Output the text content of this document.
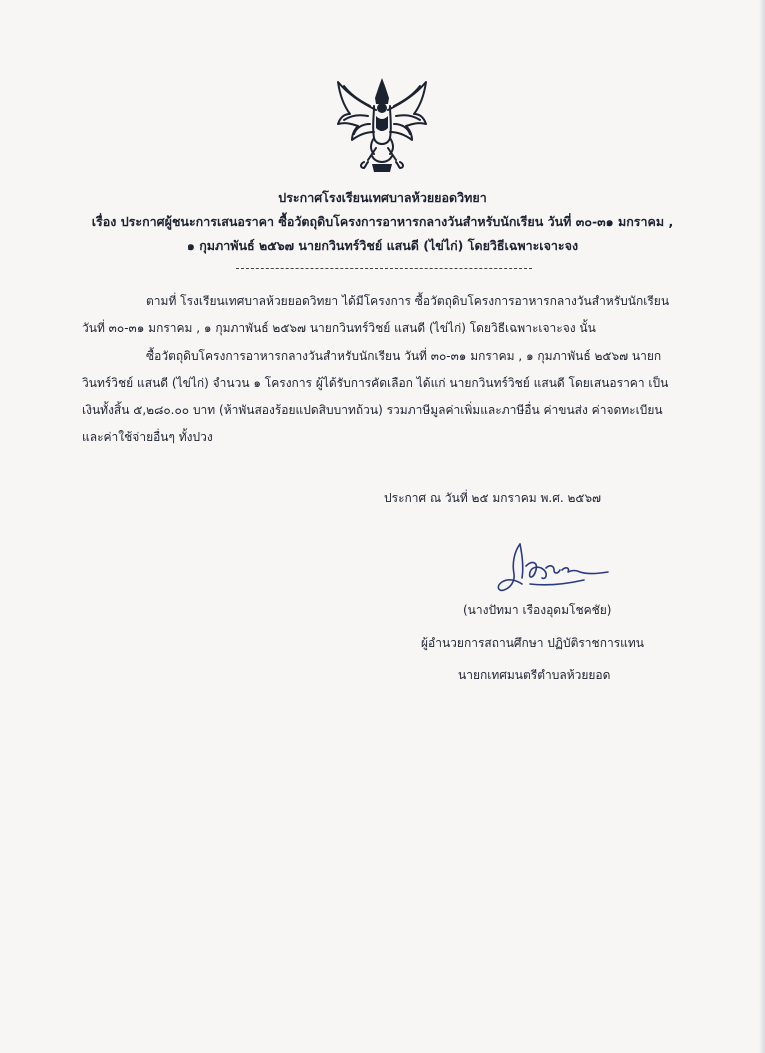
ประกาศโรงเรียนเทศบาลห้วยยอดวิทยา
เรื่อง ประกาศผู้ชนะการเสนอราคา ซื้อวัตถุดิบโครงการอาหารกลางวันสำหรับนักเรียน วันที่ ๓๐-๓๑ มกราคม ,
๑ กุมภาพันธ์ ๒๕๖๗ นายกวินทร์วิชย์ แสนดี (ไข่ไก่) โดยวิธีเฉพาะเจาะจง
ตามที่ โรงเรียนเทศบาลห้วยยอดวิทยา ได้มีโครงการ ซื้อวัตถุดิบโครงการอาหารกลางวันสำหรับนักเรียน
วันที่ ๓๐-๓๑ มกราคม , ๑ กุมภาพันธ์ ๒๕๖๗ นายกวินทร์วิชย์ แสนดี (ไข่ไก่) โดยวิธีเฉพาะเจาะจง นั้น
ซื้อวัตถุดิบโครงการอาหารกลางวันสำหรับนักเรียน วันที่ ๓๐-๓๑ มกราคม , ๑ กุมภาพันธ์ ๒๕๖๗ นายก
วินทร์วิชย์ แสนดี (ไข่ไก่) จำนวน ๑ โครงการ ผู้ได้รับการคัดเลือก ได้แก่ นายกวินทร์วิชย์ แสนดี โดยเสนอราคา เป็น
เงินทั้งสิ้น ๕,๒๘๐.๐๐ บาท (ห้าพันสองร้อยแปดสิบบาทถ้วน) รวมภาษีมูลค่าเพิ่มและภาษีอื่น ค่าขนส่ง ค่าจดทะเบียน
และค่าใช้จ่ายอื่นๆ ทั้งปวง
ประกาศ ณ วันที่ ๒๕ มกราคม พ.ศ. ๒๕๖๗
(นางปัทมา เรืองอุดมโชคชัย)
ผู้อำนวยการสถานศึกษา ปฏิบัติราชการแทน
นายกเทศมนตรีตำบลห้วยยอด
